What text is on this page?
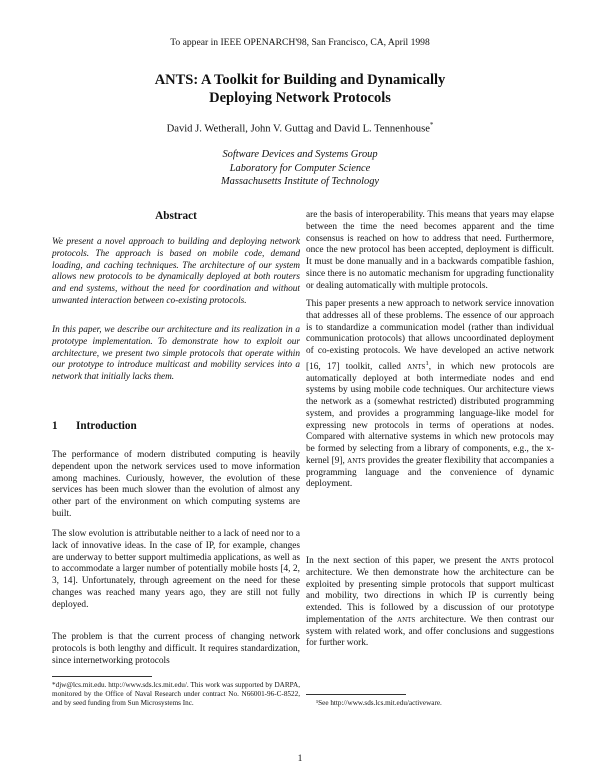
To appear in IEEE OPENARCH'98, San Francisco, CA, April 1998
ANTS: A Toolkit for Building and Dynamically
Deploying Network Protocols
David J. Wetherall, John V. Guttag and David L. Tennenhouse*
Software Devices and Systems Group
Laboratory for Computer Science
Massachusetts Institute of Technology
Abstract
We present a novel approach to building and deploying network protocols. The approach is based on mobile code, demand loading, and caching techniques. The architecture of our system allows new protocols to be dynamically deployed at both routers and end systems, without the need for coordination and without unwanted interaction between co-existing protocols.
In this paper, we describe our architecture and its realization in a prototype implementation. To demonstrate how to exploit our architecture, we present two simple protocols that operate within our prototype to introduce multicast and mobility services into a network that initially lacks them.
1 Introduction
The performance of modern distributed computing is heavily dependent upon the network services used to move information among machines. Curiously, however, the evolution of these services has been much slower than the evolution of almost any other part of the environment on which computing systems are built.
The slow evolution is attributable neither to a lack of need nor to a lack of innovative ideas. In the case of IP, for example, changes are underway to better support multimedia applications, as well as to accommodate a larger number of potentially mobile hosts [4, 2, 3, 14]. Unfortunately, through agreement on the need for these changes was reached many years ago, they are still not fully deployed.
The problem is that the current process of changing network protocols is both lengthy and difficult. It requires standardization, since internetworking protocols
*djw@lcs.mit.edu. http://www.sds.lcs.mit.edu/. This work was supported by DARPA, monitored by the Office of Naval Research under contract No. N66001-96-C-8522, and by seed funding from Sun Microsystems Inc.
are the basis of interoperability. This means that years may elapse between the time the need becomes apparent and the time consensus is reached on how to address that need. Furthermore, once the new protocol has been accepted, deployment is difficult. It must be done manually and in a backwards compatible fashion, since there is no automatic mechanism for upgrading functionality or dealing automatically with multiple protocols.
This paper presents a new approach to network service innovation that addresses all of these problems. The essence of our approach is to standardize a communication model (rather than individual communication protocols) that allows uncoordinated deployment of co-existing protocols. We have developed an active network [16, 17] toolkit, called ants$^1$, in which new protocols are automatically deployed at both intermediate nodes and end systems by using mobile code techniques. Our architecture views the network as a (somewhat restricted) distributed programming system, and provides a programming language-like model for expressing new protocols in terms of operations at nodes. Compared with alternative systems in which new protocols may be formed by selecting from a library of components, e.g., the x-kernel [9], ants provides the greater flexibility that accompanies a programming language and the convenience of dynamic deployment.
In the next section of this paper, we present the ants protocol architecture. We then demonstrate how the architecture can be exploited by presenting simple protocols that support multicast and mobility, two directions in which IP is currently being extended. This is followed by a discussion of our prototype implementation of the ants architecture. We then contrast our system with related work, and offer conclusions and suggestions for further work.
¹See http://www.sds.lcs.mit.edu/activeware.
1
